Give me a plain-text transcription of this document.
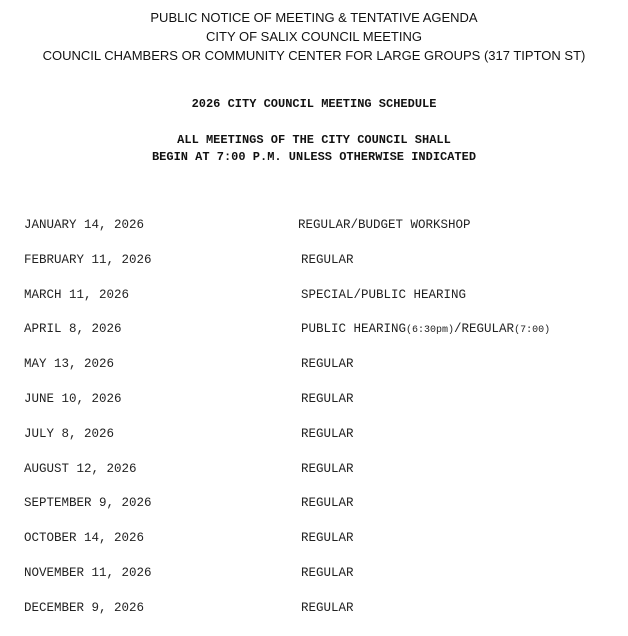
PUBLIC NOTICE OF MEETING & TENTATIVE AGENDA
CITY OF SALIX COUNCIL MEETING
COUNCIL CHAMBERS OR COMMUNITY CENTER FOR LARGE GROUPS (317 TIPTON ST)
2026 CITY COUNCIL MEETING SCHEDULE
ALL MEETINGS OF THE CITY COUNCIL SHALL
BEGIN AT 7:00 P.M. UNLESS OTHERWISE INDICATED
JANUARY 14, 2026	REGULAR/BUDGET WORKSHOP
FEBRUARY 11, 2026	REGULAR
MARCH 11, 2026	SPECIAL/PUBLIC HEARING
APRIL 8, 2026	PUBLIC HEARING(6:30pm)/REGULAR(7:00)
MAY 13, 2026	REGULAR
JUNE 10, 2026	REGULAR
JULY 8, 2026	REGULAR
AUGUST 12, 2026	REGULAR
SEPTEMBER 9, 2026	REGULAR
OCTOBER 14, 2026	REGULAR
NOVEMBER 11, 2026	REGULAR
DECEMBER 9, 2026	REGULAR
